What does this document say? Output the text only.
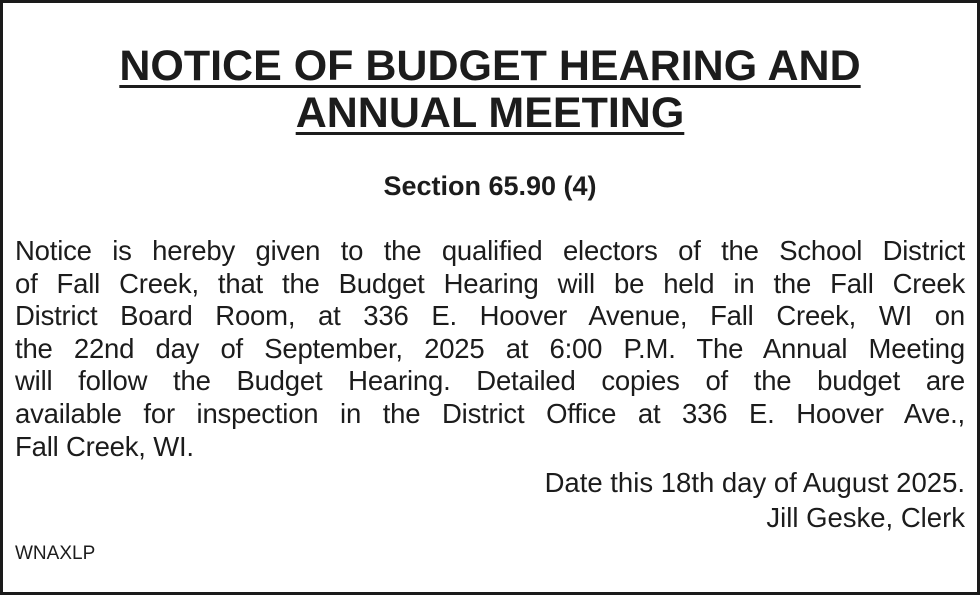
NOTICE OF BUDGET HEARING AND
ANNUAL MEETING

Section 65.90 (4)

Notice is hereby given to the qualified electors of the School District
of Fall Creek, that the Budget Hearing will be held in the Fall Creek
District Board Room, at 336 E. Hoover Avenue, Fall Creek, WI on
the 22nd day of September, 2025 at 6:00 P.M. The Annual Meeting
will follow the Budget Hearing. Detailed copies of the budget are
available for inspection in the District Office at 336 E. Hoover Ave.,
Fall Creek, WI.

Date this 18th day of August 2025.

Jill Geske, Clerk

WNAXLP
